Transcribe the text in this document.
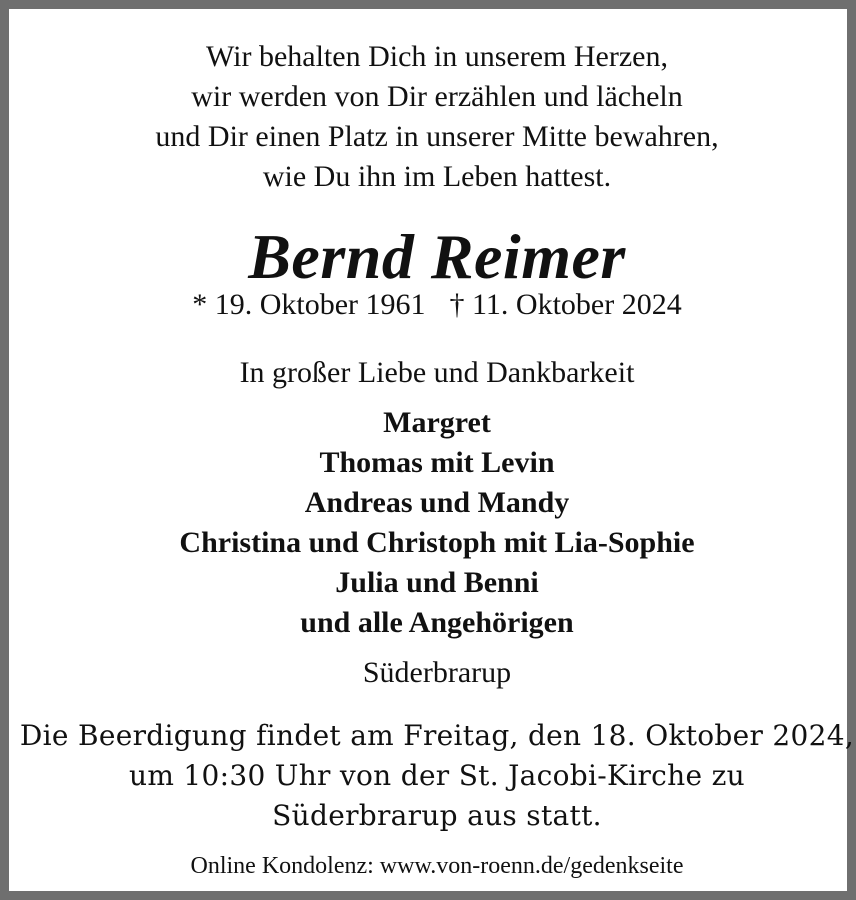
Wir behalten Dich in unserem Herzen,
wir werden von Dir erzählen und lächeln
und Dir einen Platz in unserer Mitte bewahren,
wie Du ihn im Leben hattest.
Bernd Reimer
* 19. Oktober 1961 † 11. Oktober 2024
In großer Liebe und Dankbarkeit
Margret
Thomas mit Levin
Andreas und Mandy
Christina und Christoph mit Lia-Sophie
Julia und Benni
und alle Angehörigen
Süderbrarup
Die Beerdigung findet am Freitag, den 18. Oktober 2024,
um 10:30 Uhr von der St. Jacobi-Kirche zu
Süderbrarup aus statt.
Online Kondolenz: www.von-roenn.de/gedenkseite
